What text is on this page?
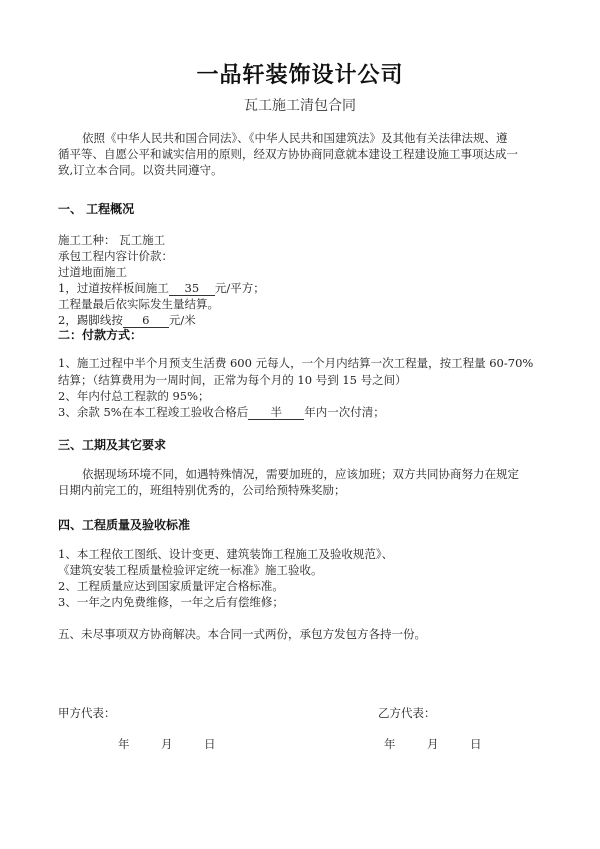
一品轩装饰设计公司
瓦工施工清包合同
依照《中华人民共和国合同法》、《中华人民共和国建筑法》及其他有关法律法规、遵
循平等、自愿公平和诚实信用的原则，经双方协协商同意就本建设工程建设施工事项达成一
致,订立本合同。以资共同遵守。
一、 工程概况
施工工种： 瓦工施工
承包工程内容计价款：
过道地面施工
1，过道按样板间施工 35 元/平方；
工程量最后依实际发生量结算。
2，踢脚线按 6 元/米
二：付款方式：
1、施工过程中半个月预支生活费 600 元每人，一个月内结算一次工程量，按工程量 60-70%
结算；（结算费用为一周时间，正常为每个月的 10 号到 15 号之间）
2、年内付总工程款的 95%；
3、余款 5%在本工程竣工验收合格后 半 年内一次付清；
三、工期及其它要求
依据现场环境不同，如遇特殊情况，需要加班的，应该加班；双方共同协商努力在规定
日期内前完工的，班组特别优秀的，公司给预特殊奖励；
四、工程质量及验收标准
1、本工程依工图纸、设计变更、建筑装饰工程施工及验收规范》、
《建筑安装工程质量检验评定统一标准》施工验收。
2、工程质量应达到国家质量评定合格标准。
3、一年之内免费维修，一年之后有偿维修；
五、未尽事项双方协商解决。本合同一式两份，承包方发包方各持一份。
甲方代表：	乙方代表：
年	月	日	年	月	日
